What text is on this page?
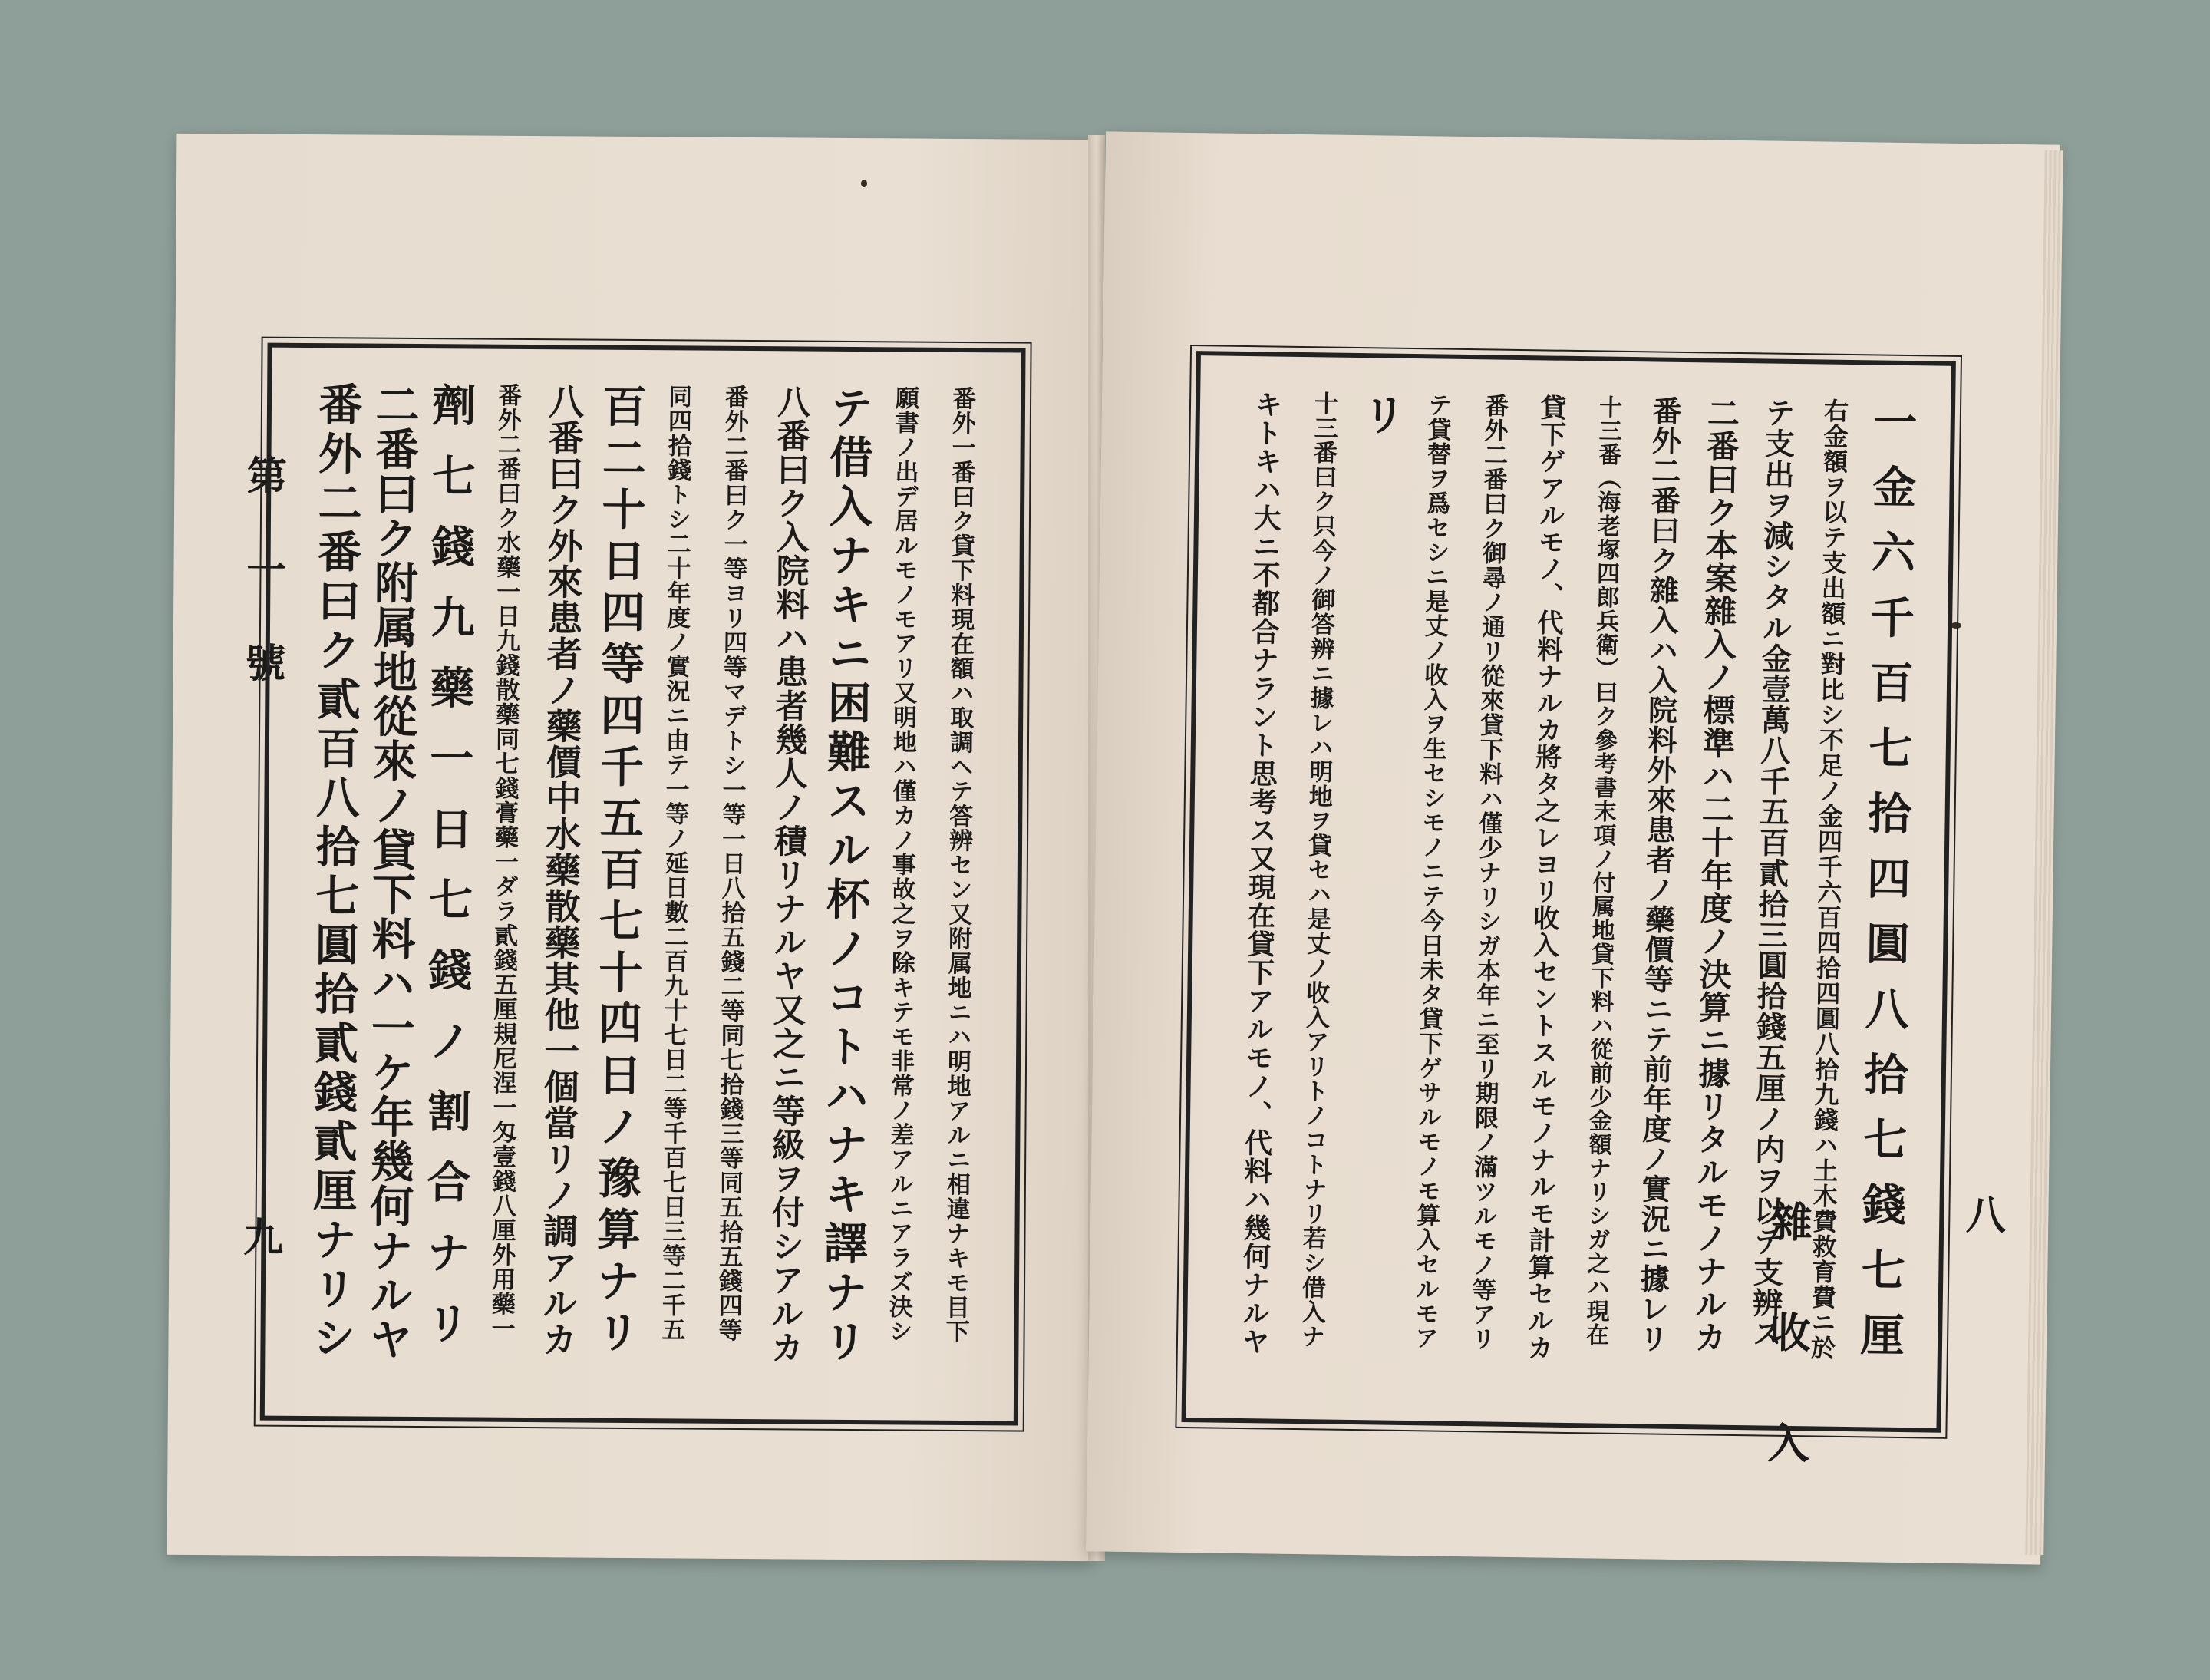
第一號
九	番外一番曰ク貸下料現在額ハ取調ヘテ答辨セン又附属地ニハ明地アルニ相違ナキモ目下
願書ノ出デ居ルモノモアリ又明地ハ僅カノ事故之ヲ除キテモ非常ノ差アルニアラズ決シ
テ借入ナキニ困難スル杯ノコトハナキ譯ナリ
八番曰ク入院料ハ患者幾人ノ積リナルヤ又之ニ等級ヲ付シアルカ
番外二番曰ク一等ヨリ四等マデトシ一等一日八拾五錢二等同七拾錢三等同五拾五錢四等
同四拾錢トシ二十年度ノ實況ニ由テ一等ノ延日數二百九十七日二等千百七日三等二千五
百二十日四等四千五百七十四日ノ豫算ナリ
八番曰ク外來患者ノ藥價中水藥散藥其他一個當リノ調アルカ
番外二番曰ク水藥一日九錢散藥同七錢膏藥一ダラ貳錢五厘規尼涅一匁壹錢八厘外用藥一
劑七錢九藥一日七錢ノ割合ナリ
二番曰ク附属地從來ノ貸下料ハ一ケ年幾何ナルヤ
番外二番曰ク貳百八拾七圓拾貳錢貳厘ナリシ	八
雜收入 一金六千百七拾四圓八拾七錢七厘
右金額ヲ以テ支出額ニ對比シ不足ノ金四千六百四拾四圓八拾九錢ハ土木費救育費ニ於
テ支出ヲ減シタル金壹萬八千五百貳拾三圓拾錢五厘ノ内ヲ以テ支辨ス
二番曰ク本案雜入ノ標準ハ二十年度ノ決算ニ據リタルモノナルカ
番外二番曰ク雜入ハ入院料外來患者ノ藥價等ニテ前年度ノ實況ニ據レリ
十三番（海老塚四郎兵衛）曰ク參考書末項ノ付属地貸下料ハ從前少金額ナリシガ之ハ現在
貸下ゲアルモノ、代料ナルカ將タ之レヨリ收入セントスルモノナルモ計算セルカ
番外二番曰ク御尋ノ通リ從來貸下料ハ僅少ナリシガ本年ニ至リ期限ノ滿ツルモノ等アリ
テ貸替ヲ爲セシニ是丈ノ收入ヲ生セシモノニテ今日未タ貸下ゲサルモノモ算入セルモア
リ
十三番曰ク只今ノ御答辨ニ據レハ明地ヲ貸セハ是丈ノ收入アリトノコトナリ若シ借入ナ
キトキハ大ニ不都合ナラント思考ス又現在貸下アルモノ、代料ハ幾何ナルヤ
